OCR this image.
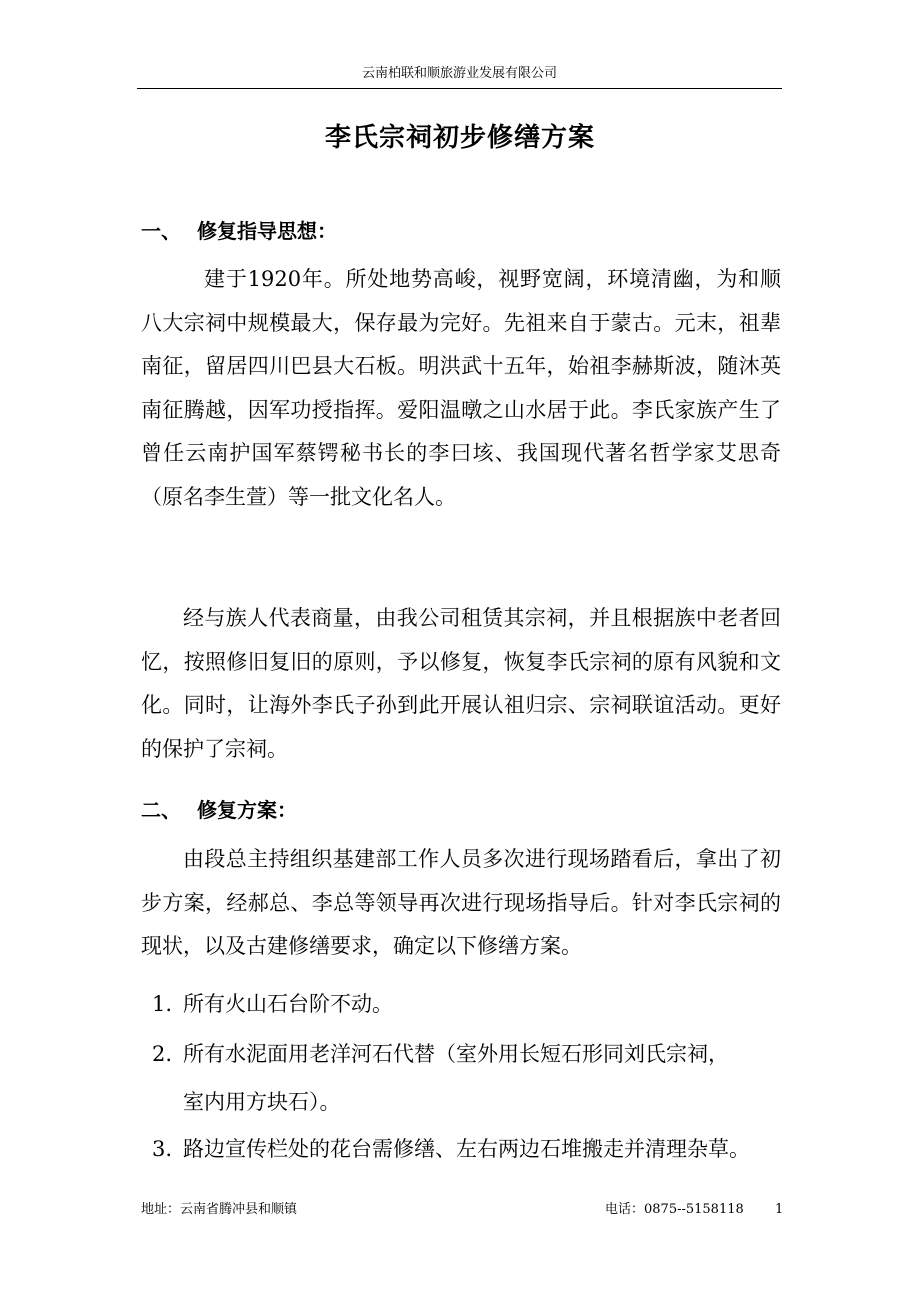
云南柏联和顺旅游业发展有限公司
李氏宗祠初步修缮方案
一、 修复指导思想：

建于1920年。所处地势高峻，视野宽阔，环境清幽，为和顺八大宗祠中规模最大，保存最为完好。先祖来自于蒙古。元末，祖辈南征，留居四川巴县大石板。明洪武十五年，始祖李赫斯波，随沐英南征腾越，因军功授指挥。爱阳温暾之山水居于此。李氏家族产生了曾任云南护国军蔡锷秘书长的李曰垓、我国现代著名哲学家艾思奇（原名李生萱）等一批文化名人。

经与族人代表商量，由我公司租赁其宗祠，并且根据族中老者回忆，按照修旧复旧的原则，予以修复，恢复李氏宗祠的原有风貌和文化。同时，让海外李氏子孙到此开展认祖归宗、宗祠联谊活动。更好的保护了宗祠。

二、 修复方案：

由段总主持组织基建部工作人员多次进行现场踏看后，拿出了初步方案，经郝总、李总等领导再次进行现场指导后。针对李氏宗祠的现状，以及古建修缮要求，确定以下修缮方案。

1. 所有火山石台阶不动。
2. 所有水泥面用老洋河石代替（室外用长短石形同刘氏宗祠，
室内用方块石）。
3. 路边宣传栏处的花台需修缮、左右两边石堆搬走并清理杂草。
地址：云南省腾冲县和顺镇	电话：0875--5158118 1
